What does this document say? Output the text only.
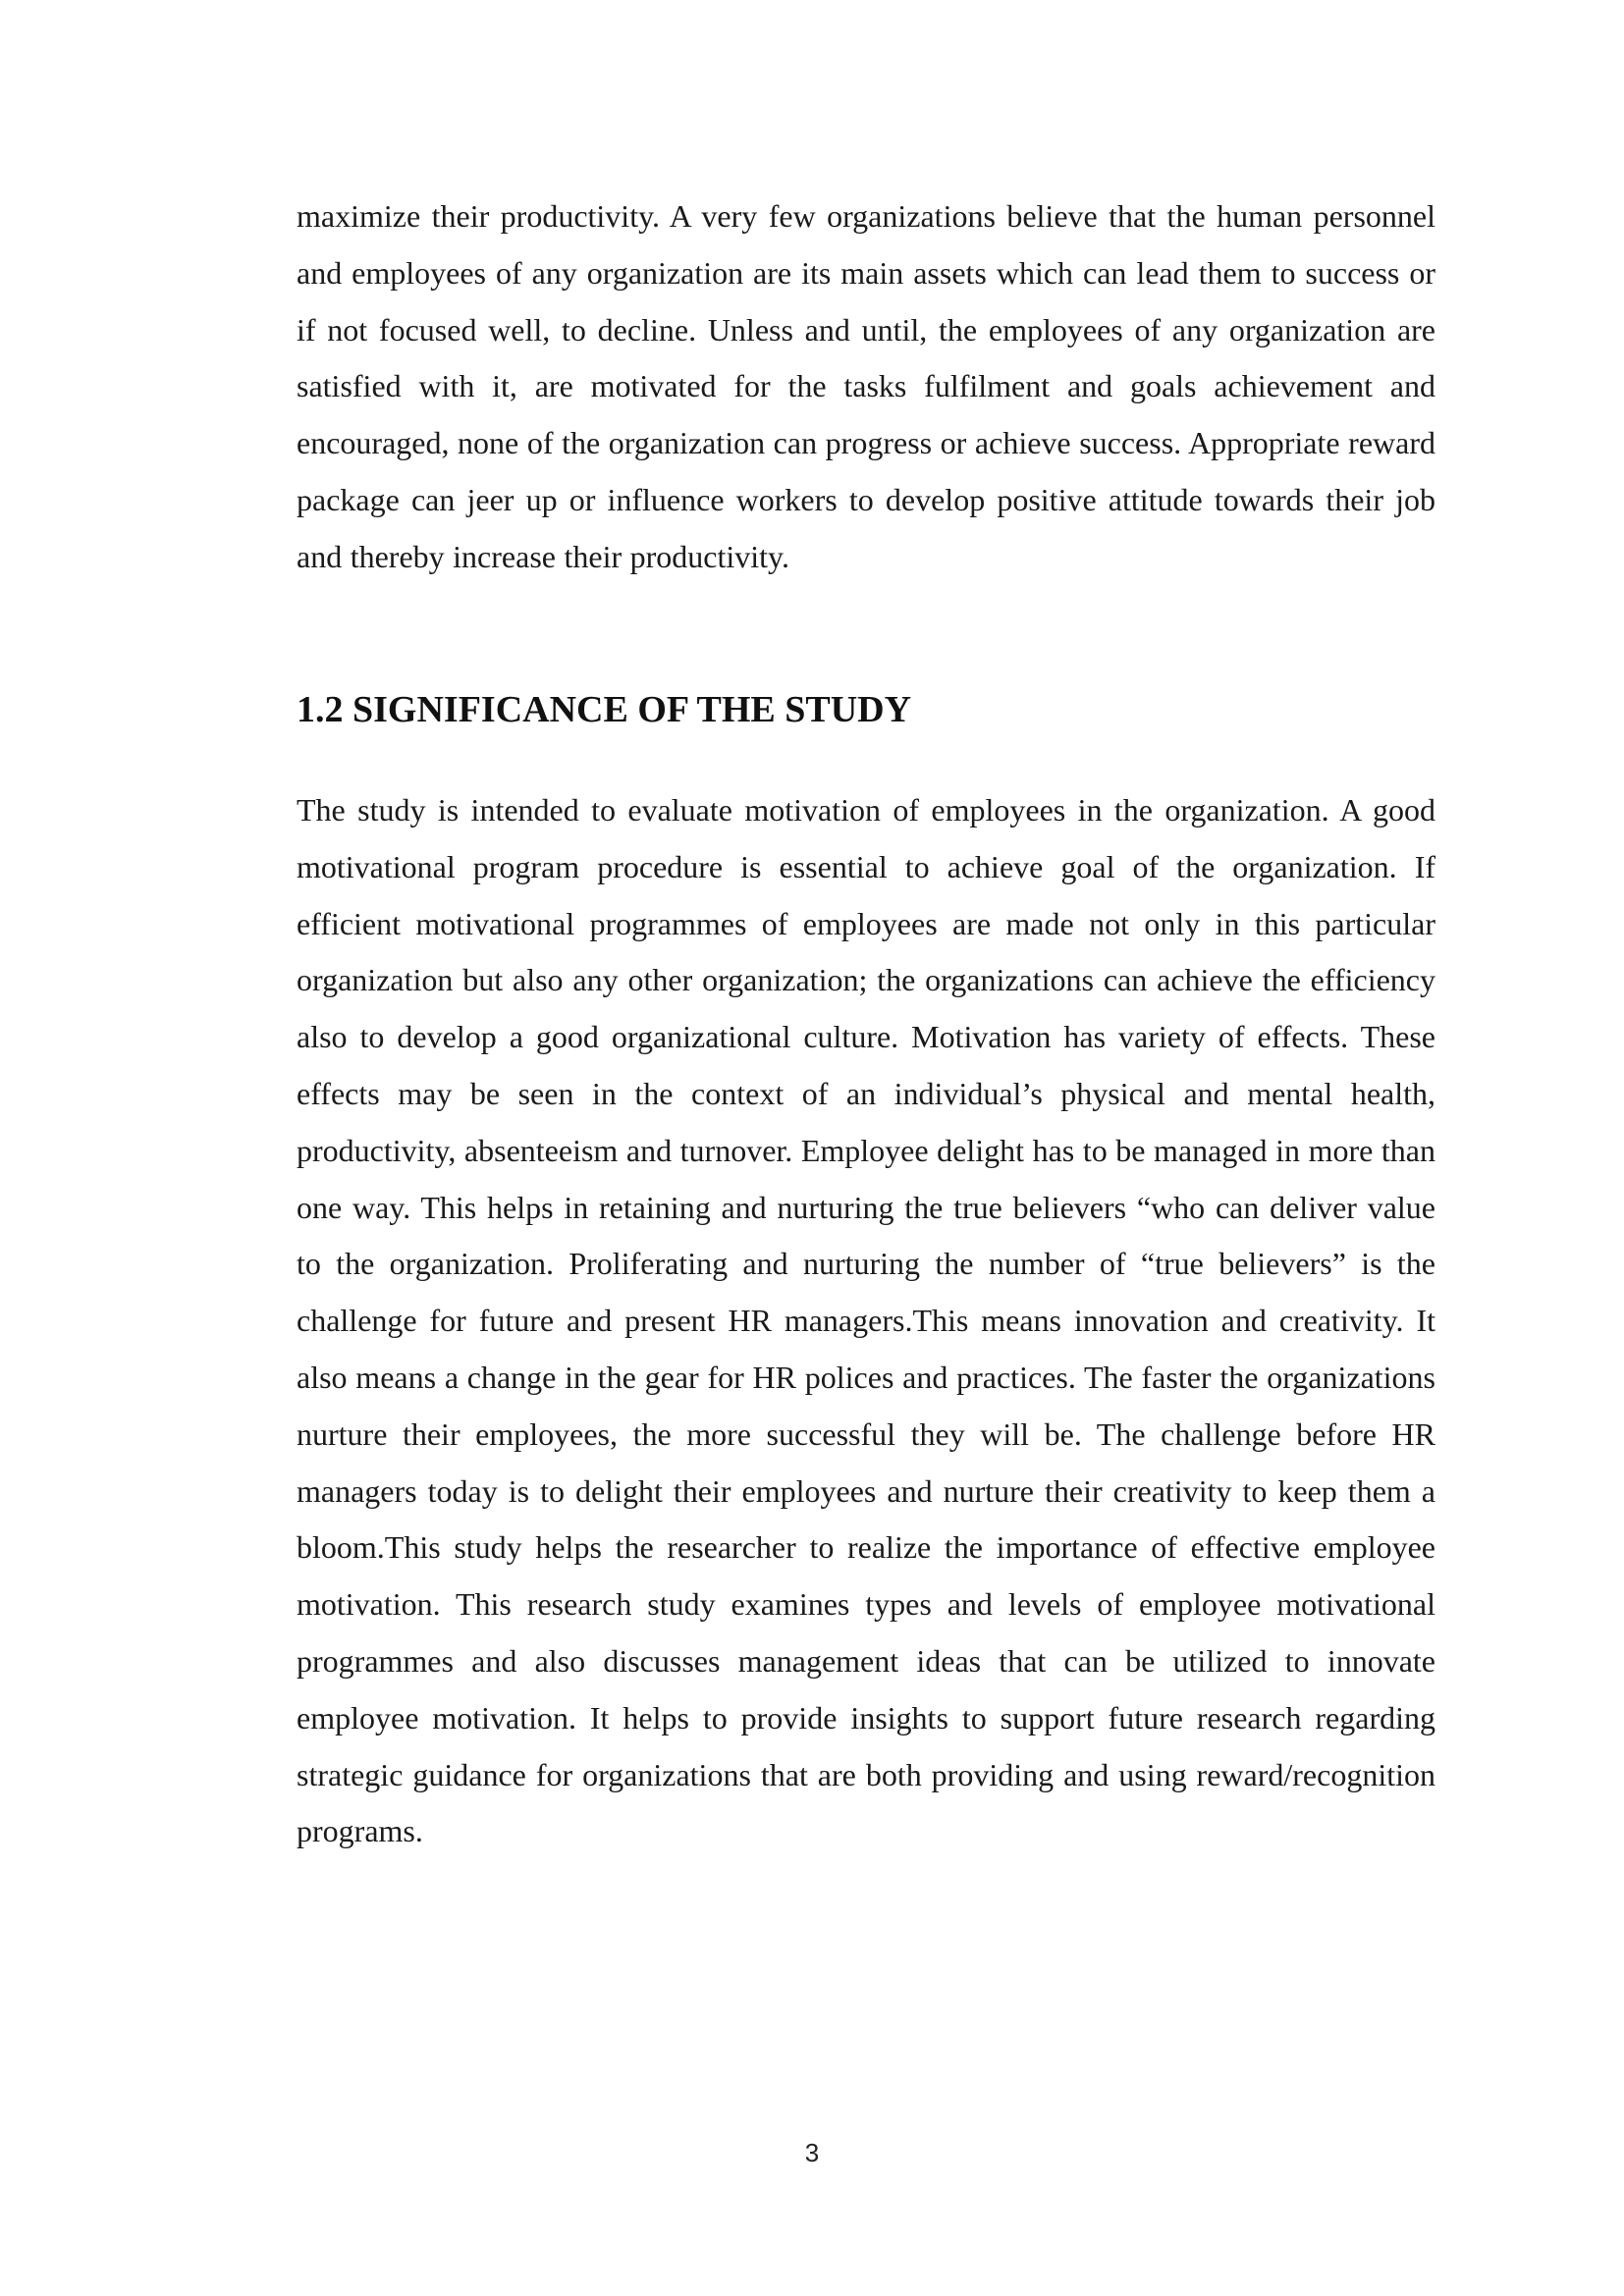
maximize their productivity. A very few organizations believe that the human personnel and employees of any organization are its main assets which can lead them to success or if not focused well, to decline. Unless and until, the employees of any organization are satisfied with it, are motivated for the tasks fulfilment and goals achievement and encouraged, none of the organization can progress or achieve success. Appropriate reward package can jeer up or influence workers to develop positive attitude towards their job and thereby increase their productivity.

1.2 SIGNIFICANCE OF THE STUDY

The study is intended to evaluate motivation of employees in the organization. A good motivational program procedure is essential to achieve goal of the organization. If efficient motivational programmes of employees are made not only in this particular organization but also any other organization; the organizations can achieve the efficiency also to develop a good organizational culture. Motivation has variety of effects. These effects may be seen in the context of an individual’s physical and mental health, productivity, absenteeism and turnover. Employee delight has to be managed in more than one way. This helps in retaining and nurturing the true believers “who can deliver value to the organization. Proliferating and nurturing the number of “true believers” is the challenge for future and present HR managers.This means innovation and creativity. It also means a change in the gear for HR polices and practices. The faster the organizations nurture their employees, the more successful they will be. The challenge before HR managers today is to delight their employees and nurture their creativity to keep them a bloom.This study helps the researcher to realize the importance of effective employee motivation. This research study examines types and levels of employee motivational programmes and also discusses management ideas that can be utilized to innovate employee motivation. It helps to provide insights to support future research regarding strategic guidance for organizations that are both providing and using reward/recognition programs.

3
